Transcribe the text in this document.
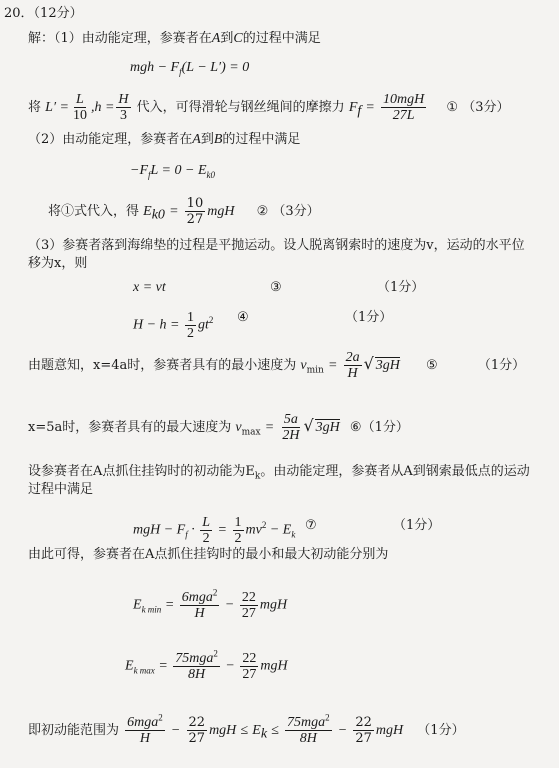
20．（12分）
解：（1）由动能定理，参赛者在A到C的过程中满足
mgh − $F_f(L - L') = 0$
将 $L' = \frac{L}{10} ,h = \frac{H}{3}$ 代入，可得滑轮与钢丝绳间的摩擦力 $F_f = \frac{\text{10mgH}}{27L}$ ① （3分）
（2）由动能定理，参赛者在A到B的过程中满足
$-F_fL = 0 - E_{k0}$
将①式代入，得 $E_{k0} = \frac{10}{27}$ mgH ② （3分）
（3）参赛者落到海绵垫的过程是平抛运动。设人脱离钢索时的速度为v，运动的水平位
移为x，则
x = vt	③	（1分）
$H - h = \frac{1}{2} gt^2$ ④	（1分）
由题意知，x=4a时，参赛者具有的最小速度为 $v_{min} = \frac{2a}{H}$ √ 3gH ⑤	（1分）
x=5a时，参赛者具有的最大速度为 $v_{max} = \frac{5a}{2H}$ √ 3gH ⑥（1分）
设参赛者在A点抓住挂钩时的初动能为$E_k$。由动能定理，参赛者从A到钢索最低点的运动
过程中满足
mgH − $F_f \cdot \frac{L}{2} = \frac{1}{2} mv^2 - E_k$
⑦	（1分）
由此可得，参赛者在A点抓住挂钩时的最小和最大初动能分别为
$E_{k min} = \frac{6mga^2}{H} - \frac{22}{27}$ mgH
$E_{k max} = \frac{75mga^2}{8H} - \frac{22}{27}$ mgH
即初动能范围为 $\frac{6mga^2}{H} - \frac{22}{27}$ mgH ≤ $E_k \le \frac{75mga^2}{8H} - \frac{22}{27}$ mgH （1分）
